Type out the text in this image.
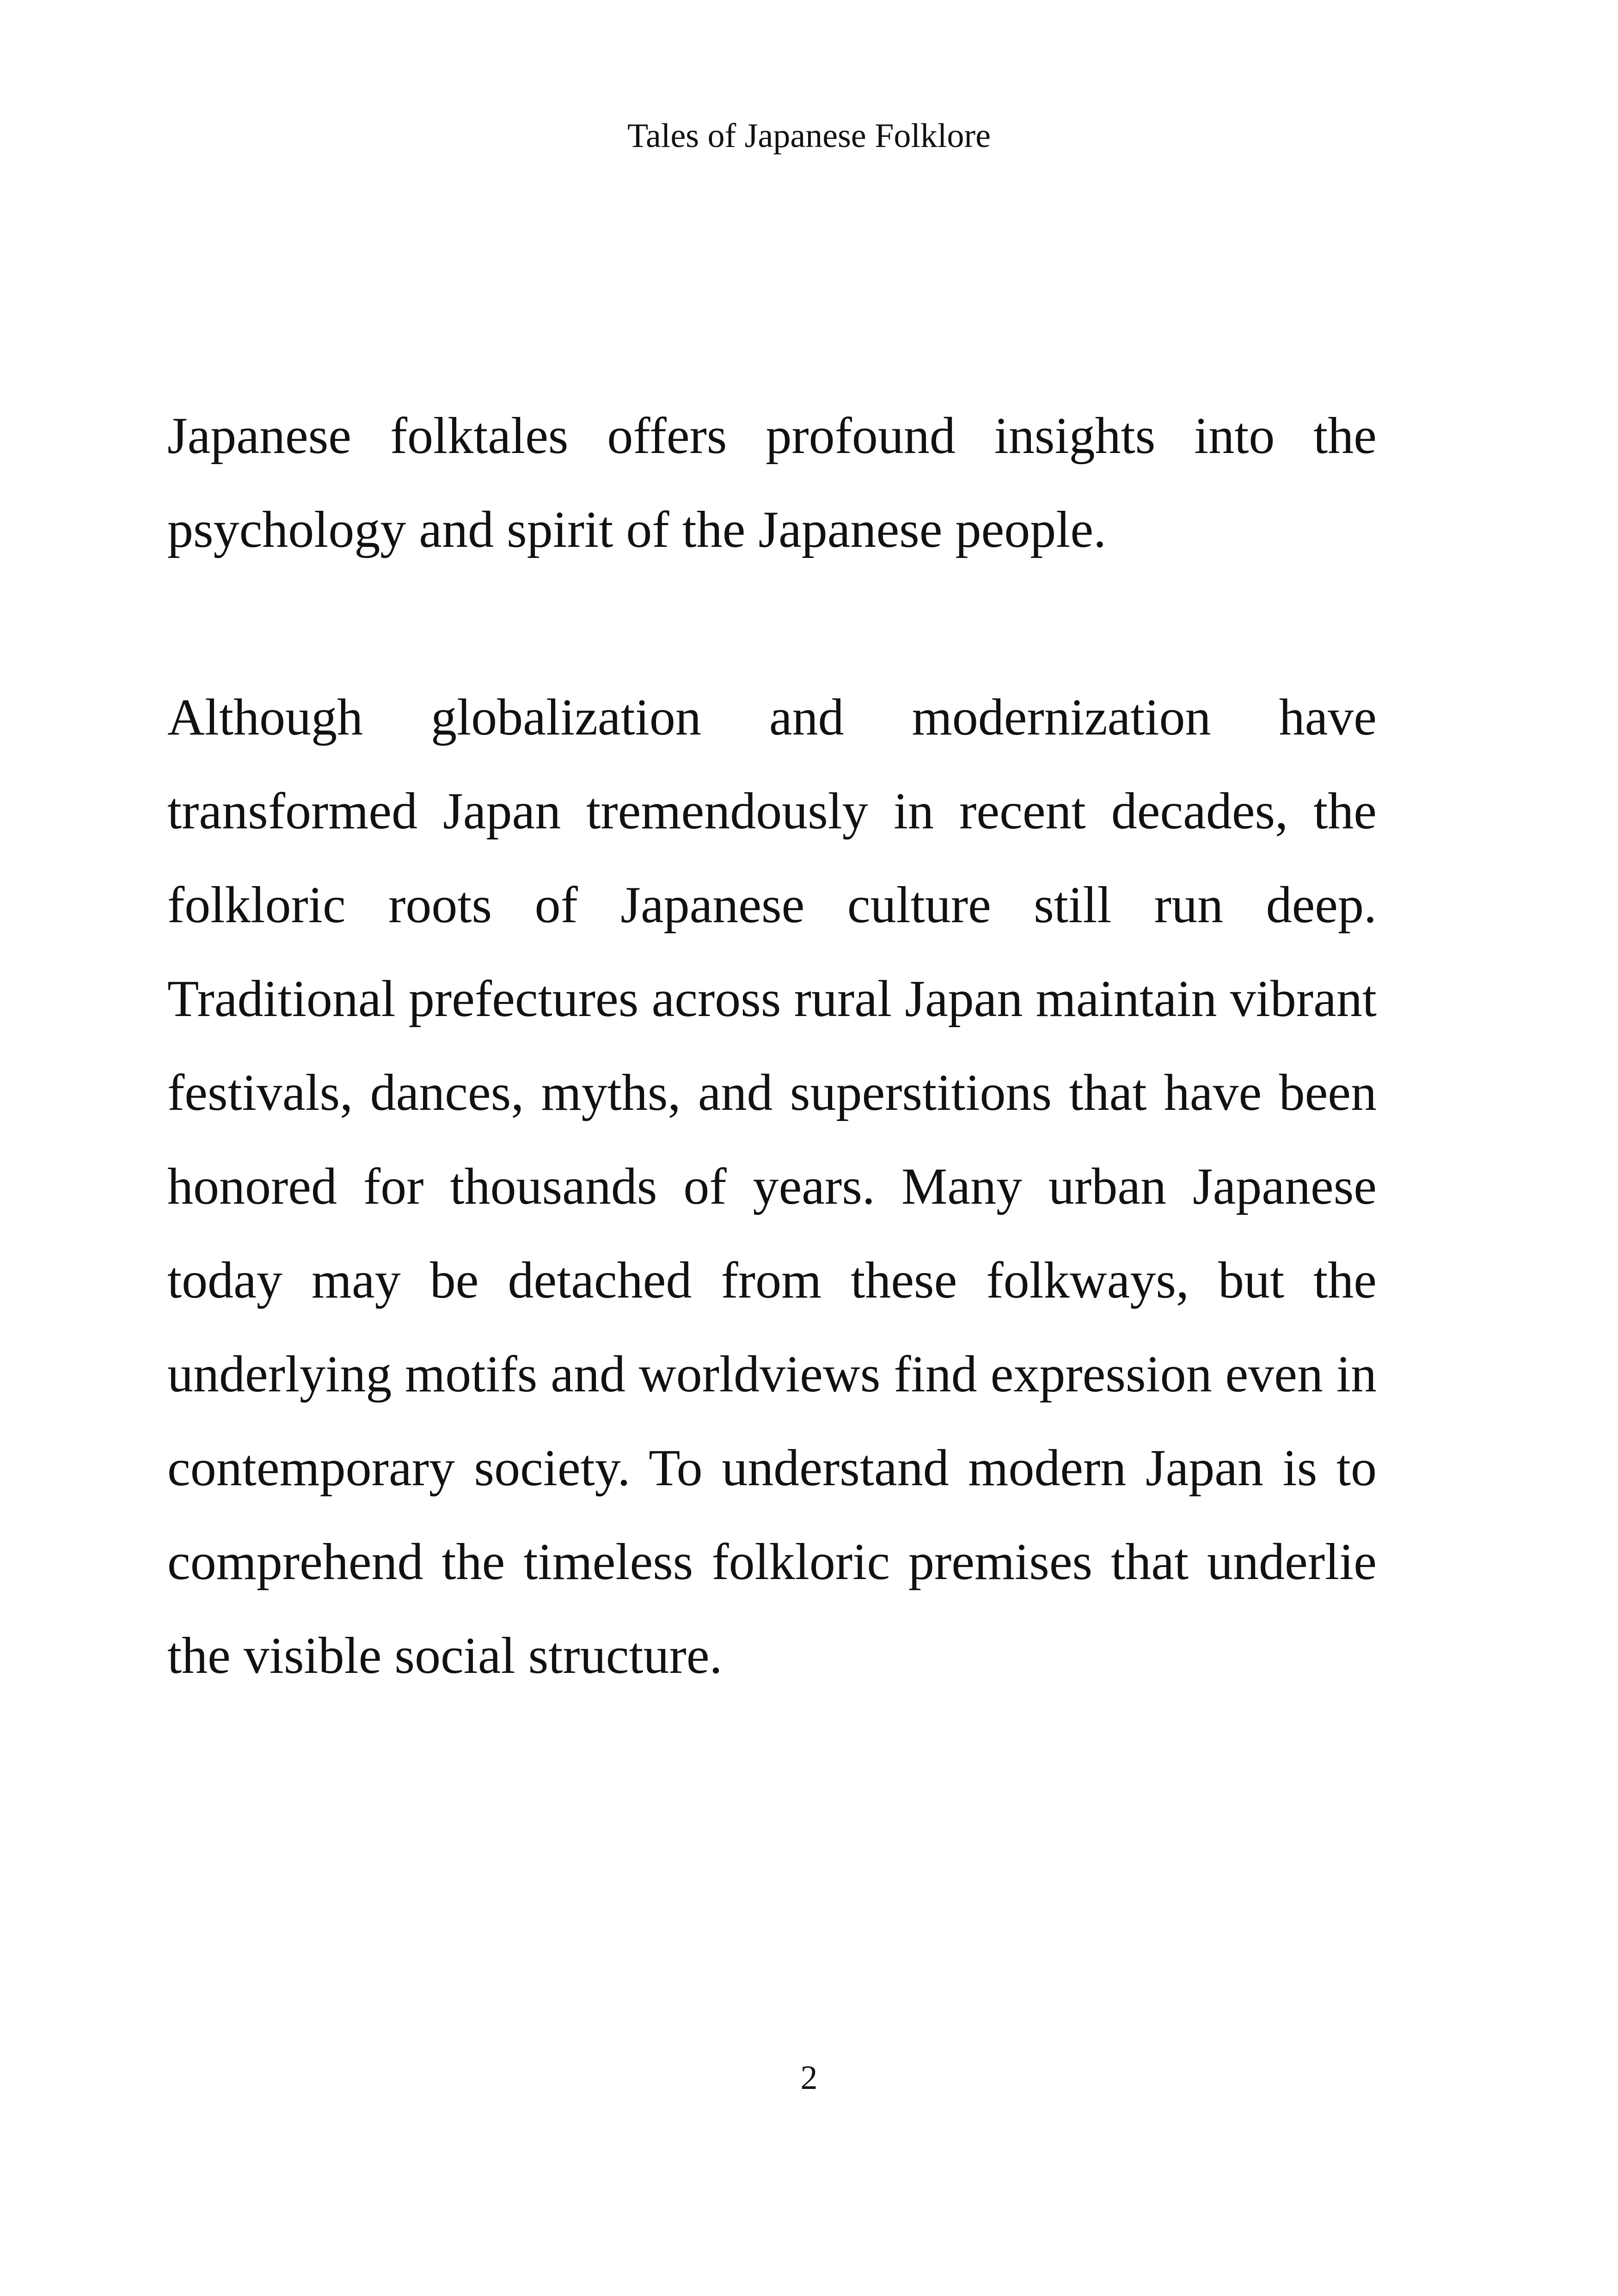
Tales of Japanese Folklore

Japanese folktales offers profound insights into the psychology and spirit of the Japanese people.

Although globalization and modernization have transformed Japan tremendously in recent decades, the folkloric roots of Japanese culture still run deep. Traditional prefectures across rural Japan maintain vibrant festivals, dances, myths, and superstitions that have been honored for thousands of years. Many urban Japanese today may be detached from these folkways, but the underlying motifs and worldviews find expression even in contemporary society. To understand modern Japan is to comprehend the timeless folkloric premises that underlie the visible social structure.

2
